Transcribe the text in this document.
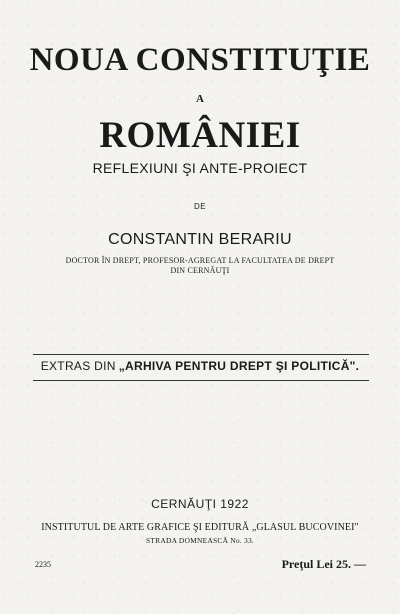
NOUA CONSTITUŢIE
A
ROMÂNIEI
REFLEXIUNI ŞI ANTE-PROIECT
DE
CONSTANTIN BERARIU
DOCTOR ÎN DREPT, PROFESOR-AGREGAT LA FACULTATEA DE DREPT
DIN CERNĂUŢI
EXTRAS DIN „ARHIVA PENTRU DREPT ŞI POLITICĂ".
CERNĂUŢI 1922
INSTITUTUL DE ARTE GRAFICE ŞI EDITURĂ „GLASUL BUCOVINEI"
STRADA DOMNEASCĂ No. 33.
2235	Preţul Lei 25. —
